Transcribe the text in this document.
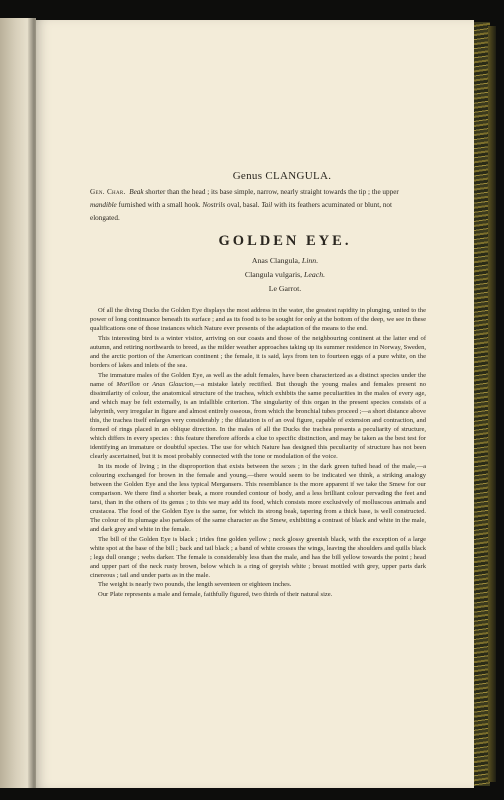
Genus CLANGULA.
Gen. Char. Beak shorter than the head ; its base simple, narrow, nearly straight towards the tip ; the upper mandible furnished with a small hook. Nostrils oval, basal. Tail with its feathers acuminated or blunt, not elongated.
GOLDEN EYE.
Anas Clangula, Linn.
Clangula vulgaris, Leach.
Le Garrot.

Of all the diving Ducks the Golden Eye displays the most address in the water, the greatest rapidity in plunging, united to the power of long continuance beneath its surface ; and as its food is to be sought for only at the bottom of the deep, we see in these qualifications one of those instances which Nature ever presents of the adaptation of the means to the end.

This interesting bird is a winter visitor, arriving on our coasts and those of the neighbouring continent at the latter end of autumn, and retiring northwards to breed, as the milder weather approaches taking up its summer residence in Norway, Sweden, and the arctic portion of the American continent ; the female, it is said, lays from ten to fourteen eggs of a pure white, on the borders of lakes and inlets of the sea.

The immature males of the Golden Eye, as well as the adult females, have been characterized as a distinct species under the name of Morillon or Anas Glaucion,—a mistake lately rectified. But though the young males and females present no dissimilarity of colour, the anatomical structure of the trachea, which exhibits the same peculiarities in the males of every age, and which may be felt externally, is an infallible criterion. The singularity of this organ in the present species consists of a labyrinth, very irregular in figure and almost entirely osseous, from which the bronchial tubes proceed ;—a short distance above this, the trachea itself enlarges very considerably ; the dilatation is of an oval figure, capable of extension and contraction, and formed of rings placed in an oblique direction. In the males of all the Ducks the trachea presents a peculiarity of structure, which differs in every species : this feature therefore affords a clue to specific distinction, and may be taken as the best test for identifying an immature or doubtful species. The use for which Nature has designed this peculiarity of structure has not been clearly ascertained, but it is most probably connected with the tone or modulation of the voice.

In its mode of living ; in the disproportion that exists between the sexes ; in the dark green tufted head of the male,—a colouring exchanged for brown in the female and young,—there would seem to be indicated we think, a striking analogy between the Golden Eye and the less typical Mergansers. This resemblance is the more apparent if we take the Smew for our comparison. We there find a shorter beak, a more rounded contour of body, and a less brilliant colour pervading the feet and tarsi, than in the others of its genus ; to this we may add its food, which consists more exclusively of molluscous animals and crustacea. The food of the Golden Eye is the same, for which its strong beak, tapering from a thick base, is well constructed. The colour of its plumage also partakes of the same character as the Smew, exhibiting a contrast of black and white in the male, and dark grey and white in the female.

The bill of the Golden Eye is black ; irides fine golden yellow ; neck glossy greenish black, with the exception of a large white spot at the base of the bill ; back and tail black ; a band of white crosses the wings, leaving the shoulders and quills black ; legs dull orange ; webs darker. The female is considerably less than the male, and has the bill yellow towards the point ; head and upper part of the neck rusty brown, below which is a ring of greyish white ; breast mottled with grey, upper parts dark cinereous ; tail and under parts as in the male.

The weight is nearly two pounds, the length seventeen or eighteen inches.

Our Plate represents a male and female, faithfully figured, two thirds of their natural size.
